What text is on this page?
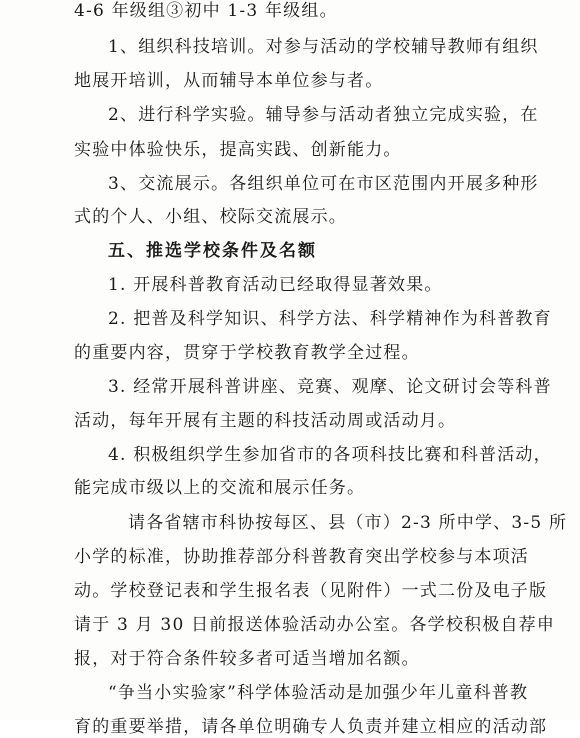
4-6 年级组③初中 1-3 年级组。
1、组织科技培训。对参与活动的学校辅导教师有组织
地展开培训，从而辅导本单位参与者。
2、进行科学实验。辅导参与活动者独立完成实验，在
实验中体验快乐，提高实践、创新能力。
3、交流展示。各组织单位可在市区范围内开展多种形
式的个人、小组、校际交流展示。
五、推选学校条件及名额
1. 开展科普教育活动已经取得显著效果。
2. 把普及科学知识、科学方法、科学精神作为科普教育
的重要内容，贯穿于学校教育教学全过程。
3. 经常开展科普讲座、竞赛、观摩、论文研讨会等科普
活动，每年开展有主题的科技活动周或活动月。
4. 积极组织学生参加省市的各项科技比赛和科普活动，
能完成市级以上的交流和展示任务。
请各省辖市科协按每区、县（市）2-3 所中学、3-5 所
小学的标准，协助推荐部分科普教育突出学校参与本项活
动。学校登记表和学生报名表（见附件）一式二份及电子版
请于 3 月 30 日前报送体验活动办公室。各学校积极自荐申
报，对于符合条件较多者可适当增加名额。
“争当小实验家”科学体验活动是加强少年儿童科普教
育的重要举措，请各单位明确专人负责并建立相应的活动部
